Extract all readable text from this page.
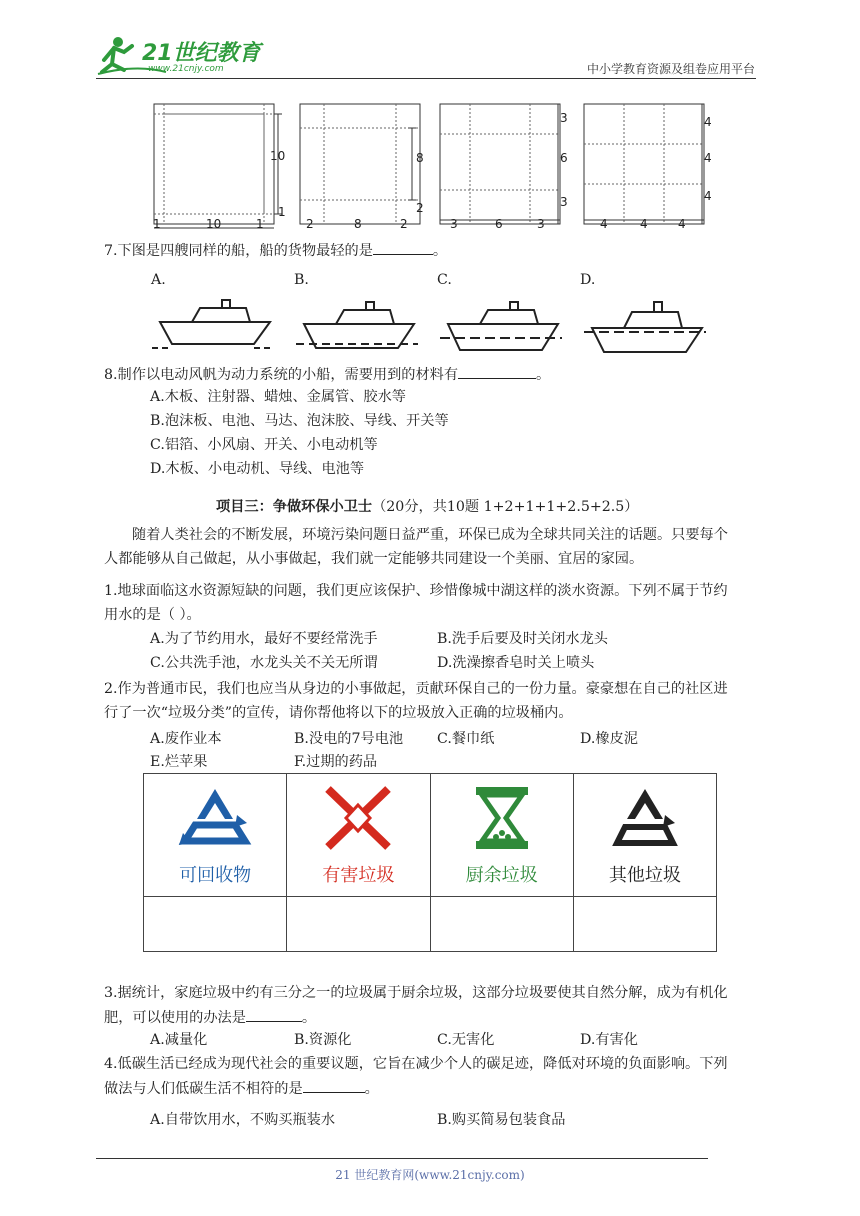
21世纪教育
www.21cnjy.com	中小学教育资源及组卷应用平台
10
1
1	10	1
8
2
2	8	2
3
6
3
3	6	3
4
4
4
4	4	4
7.下图是四艘同样的船，船的货物最轻的是	。
A.	B.	C.	D.
8.制作以电动风帆为动力系统的小船，需要用到的材料有	。
A.木板、注射器、蜡烛、金属管、胶水等
B.泡沫板、电池、马达、泡沫胶、导线、开关等
C.铝箔、小风扇、开关、小电动机等
D.木板、小电动机、导线、电池等
项目三：争做环保小卫士（20分，共10题 1+2+1+1+2.5+2.5）
随着人类社会的不断发展，环境污染问题日益严重，环保已成为全球共同关注的话题。只要每个
人都能够从自己做起，从小事做起，我们就一定能够共同建设一个美丽、宜居的家园。
1.地球面临这水资源短缺的问题，我们更应该保护、珍惜像城中湖这样的淡水资源。下列不属于节约
用水的是（ ）。
A.为了节约用水，最好不要经常洗手	B.洗手后要及时关闭水龙头
C.公共洗手池，水龙头关不关无所谓	D.洗澡擦香皂时关上喷头
2.作为普通市民，我们也应当从身边的小事做起，贡献环保自己的一份力量。豪豪想在自己的社区进
行了一次“垃圾分类”的宣传，请你帮他将以下的垃圾放入正确的垃圾桶内。
A.废作业本	B.没电的7号电池 C.餐巾纸	D.橡皮泥
E.烂苹果	F.过期的药品
可回收物	有害垃圾	厨余垃圾	其他垃圾

3.据统计，家庭垃圾中约有三分之一的垃圾属于厨余垃圾，这部分垃圾要使其自然分解，成为有机化
肥，可以使用的办法是	。
A.减量化	B.资源化	C.无害化	D.有害化
4.低碳生活已经成为现代社会的重要议题，它旨在减少个人的碳足迹，降低对环境的负面影响。下列
做法与人们低碳生活不相符的是	。
A.自带饮用水，不购买瓶装水	B.购买简易包装食品
21 世纪教育网(www.21cnjy.com)
